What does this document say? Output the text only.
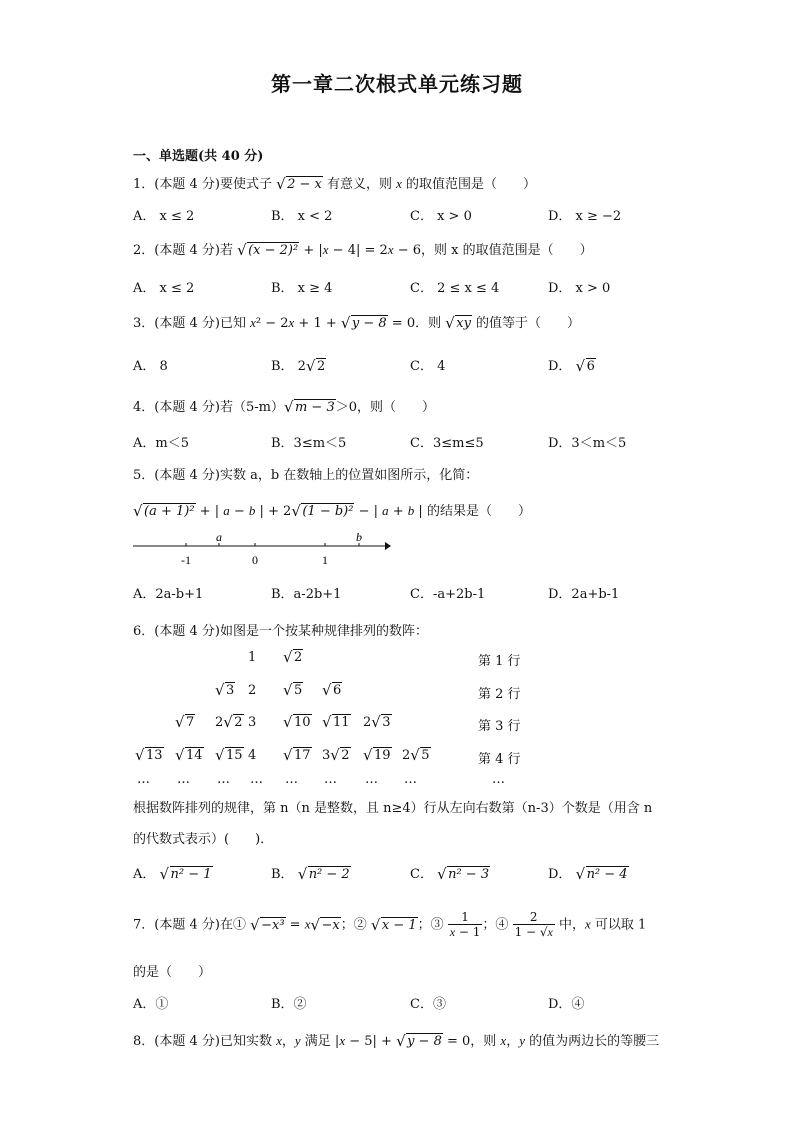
第一章二次根式单元练习题
一、单选题(共 40 分)
1．(本题 4 分)要使式子 √ 2 − x 有意义，则 x 的取值范围是（　　）
A． x ≤ 2	B． x < 2	C． x > 0	D． x ≥ −2
2．(本题 4 分)若 √ (x − 2)² + |x − 4| = 2x − 6，则 x 的取值范围是（　　）
A． x ≤ 2	B． x ≥ 4	C． 2 ≤ x ≤ 4	D． x > 0
3．(本题 4 分)已知 x² − 2x + 1 + √ y − 8 = 0．则 √ xy 的值等于（　　）
A． 8	B． 2 √ 2	C． 4	D． √ 6
4．(本题 4 分)若（5-m） √ m − 3＞0，则（　　）
A．m＜5	B．3≤m＜5	C．3≤m≤5	D．3＜m＜5
5．(本题 4 分)实数 a，b 在数轴上的位置如图所示，化简：
√ (a + 1)² + | a − b | + 2 √ (1 − b)² − | a + b | 的结果是（　　）
a	b
-1	0	1
A．2a-b+1	B．a-2b+1	C．-a+2b-1	D．2a+b-1
6．(本题 4 分)如图是一个按某种规律排列的数阵：
1	√ 2	第 1 行
√ 3 2	√ 5	√ 6	第 2 行
√ 7 2 √ 2 3	√ 10	√ 11 2 √ 3	第 3 行
√ 13	√ 14	√ 15 4	√ 17 3 √ 2	√ 19 2 √ 5	第 4 行
… … … … … … … …	…
根据数阵排列的规律，第 n（n 是整数，且 n≥4）行从左向右数第（n-3）个数是（用含 n
的代数式表示）(　　)．
A． √ n² − 1	B． √ n² − 2	C． √ n² − 3	D． √ n² − 4
7．(本题 4 分)在① √ −x³ = x √ −x；② √ x − 1；③ $\frac{1}{x - 1}$ ；④ $\frac{2}{1 - √x}$ 中，x 可以取 1
的是（　　）
A．①	B．②	C．③	D．④
8．(本题 4 分)已知实数 x，y 满足 |x − 5| + √ y − 8 = 0，则 x，y 的值为两边长的等腰三
